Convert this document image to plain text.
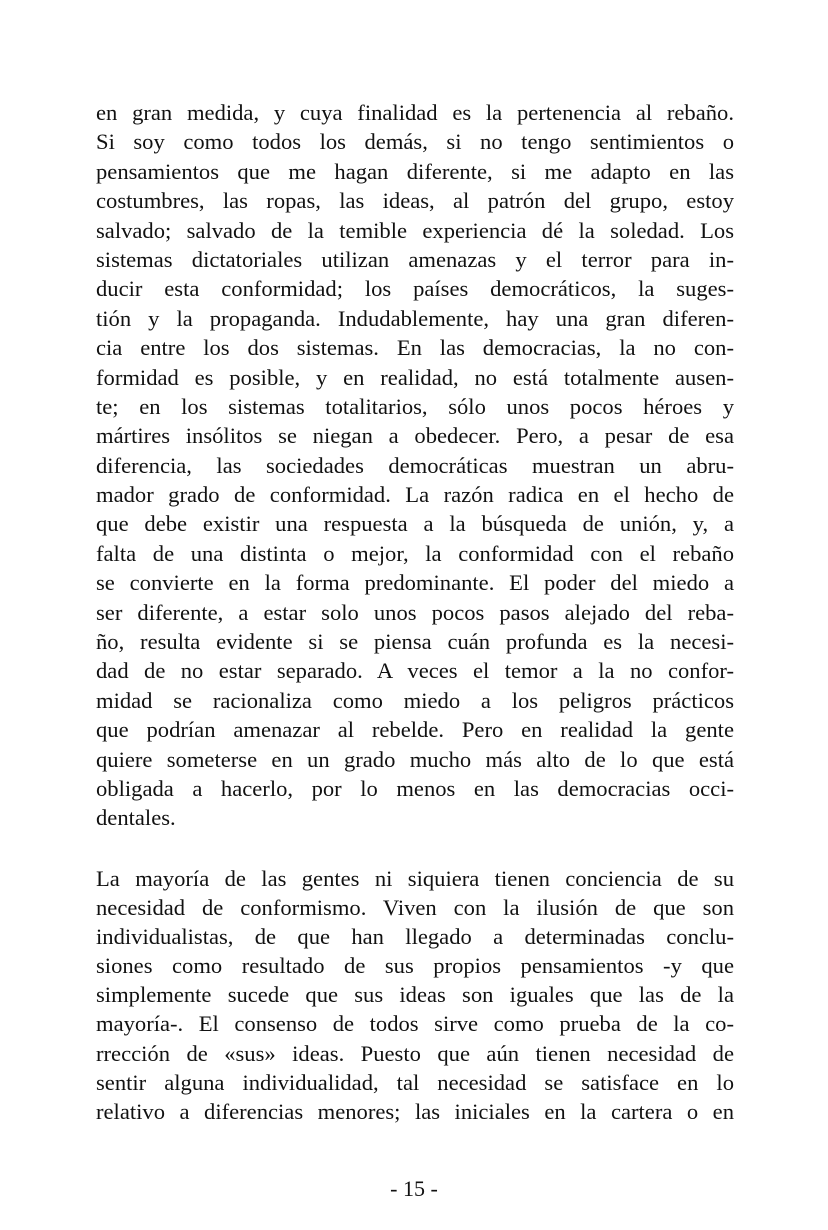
en gran medida, y cuya finalidad es la pertenencia al rebaño.
Si soy como todos los demás, si no tengo sentimientos o
pensamientos que me hagan diferente, si me adapto en las
costumbres, las ropas, las ideas, al patrón del grupo, estoy
salvado; salvado de la temible experiencia dé la soledad. Los
sistemas dictatoriales utilizan amenazas y el terror para in-
ducir esta conformidad; los países democráticos, la suges-
tión y la propaganda. Indudablemente, hay una gran diferen-
cia entre los dos sistemas. En las democracias, la no con-
formidad es posible, y en realidad, no está totalmente ausen-
te; en los sistemas totalitarios, sólo unos pocos héroes y
mártires insólitos se niegan a obedecer. Pero, a pesar de esa
diferencia, las sociedades democráticas muestran un abru-
mador grado de conformidad. La razón radica en el hecho de
que debe existir una respuesta a la búsqueda de unión, y, a
falta de una distinta o mejor, la conformidad con el rebaño
se convierte en la forma predominante. El poder del miedo a
ser diferente, a estar solo unos pocos pasos alejado del reba-
ño, resulta evidente si se piensa cuán profunda es la necesi-
dad de no estar separado. A veces el temor a la no confor-
midad se racionaliza como miedo a los peligros prácticos
que podrían amenazar al rebelde. Pero en realidad la gente
quiere someterse en un grado mucho más alto de lo que está
obligada a hacerlo, por lo menos en las democracias occi-
dentales.
La mayoría de las gentes ni siquiera tienen conciencia de su
necesidad de conformismo. Viven con la ilusión de que son
individualistas, de que han llegado a determinadas conclu-
siones como resultado de sus propios pensamientos -y que
simplemente sucede que sus ideas son iguales que las de la
mayoría-. El consenso de todos sirve como prueba de la co-
rrección de «sus» ideas. Puesto que aún tienen necesidad de
sentir alguna individualidad, tal necesidad se satisface en lo
relativo a diferencias menores; las iniciales en la cartera o en
- 15 -
